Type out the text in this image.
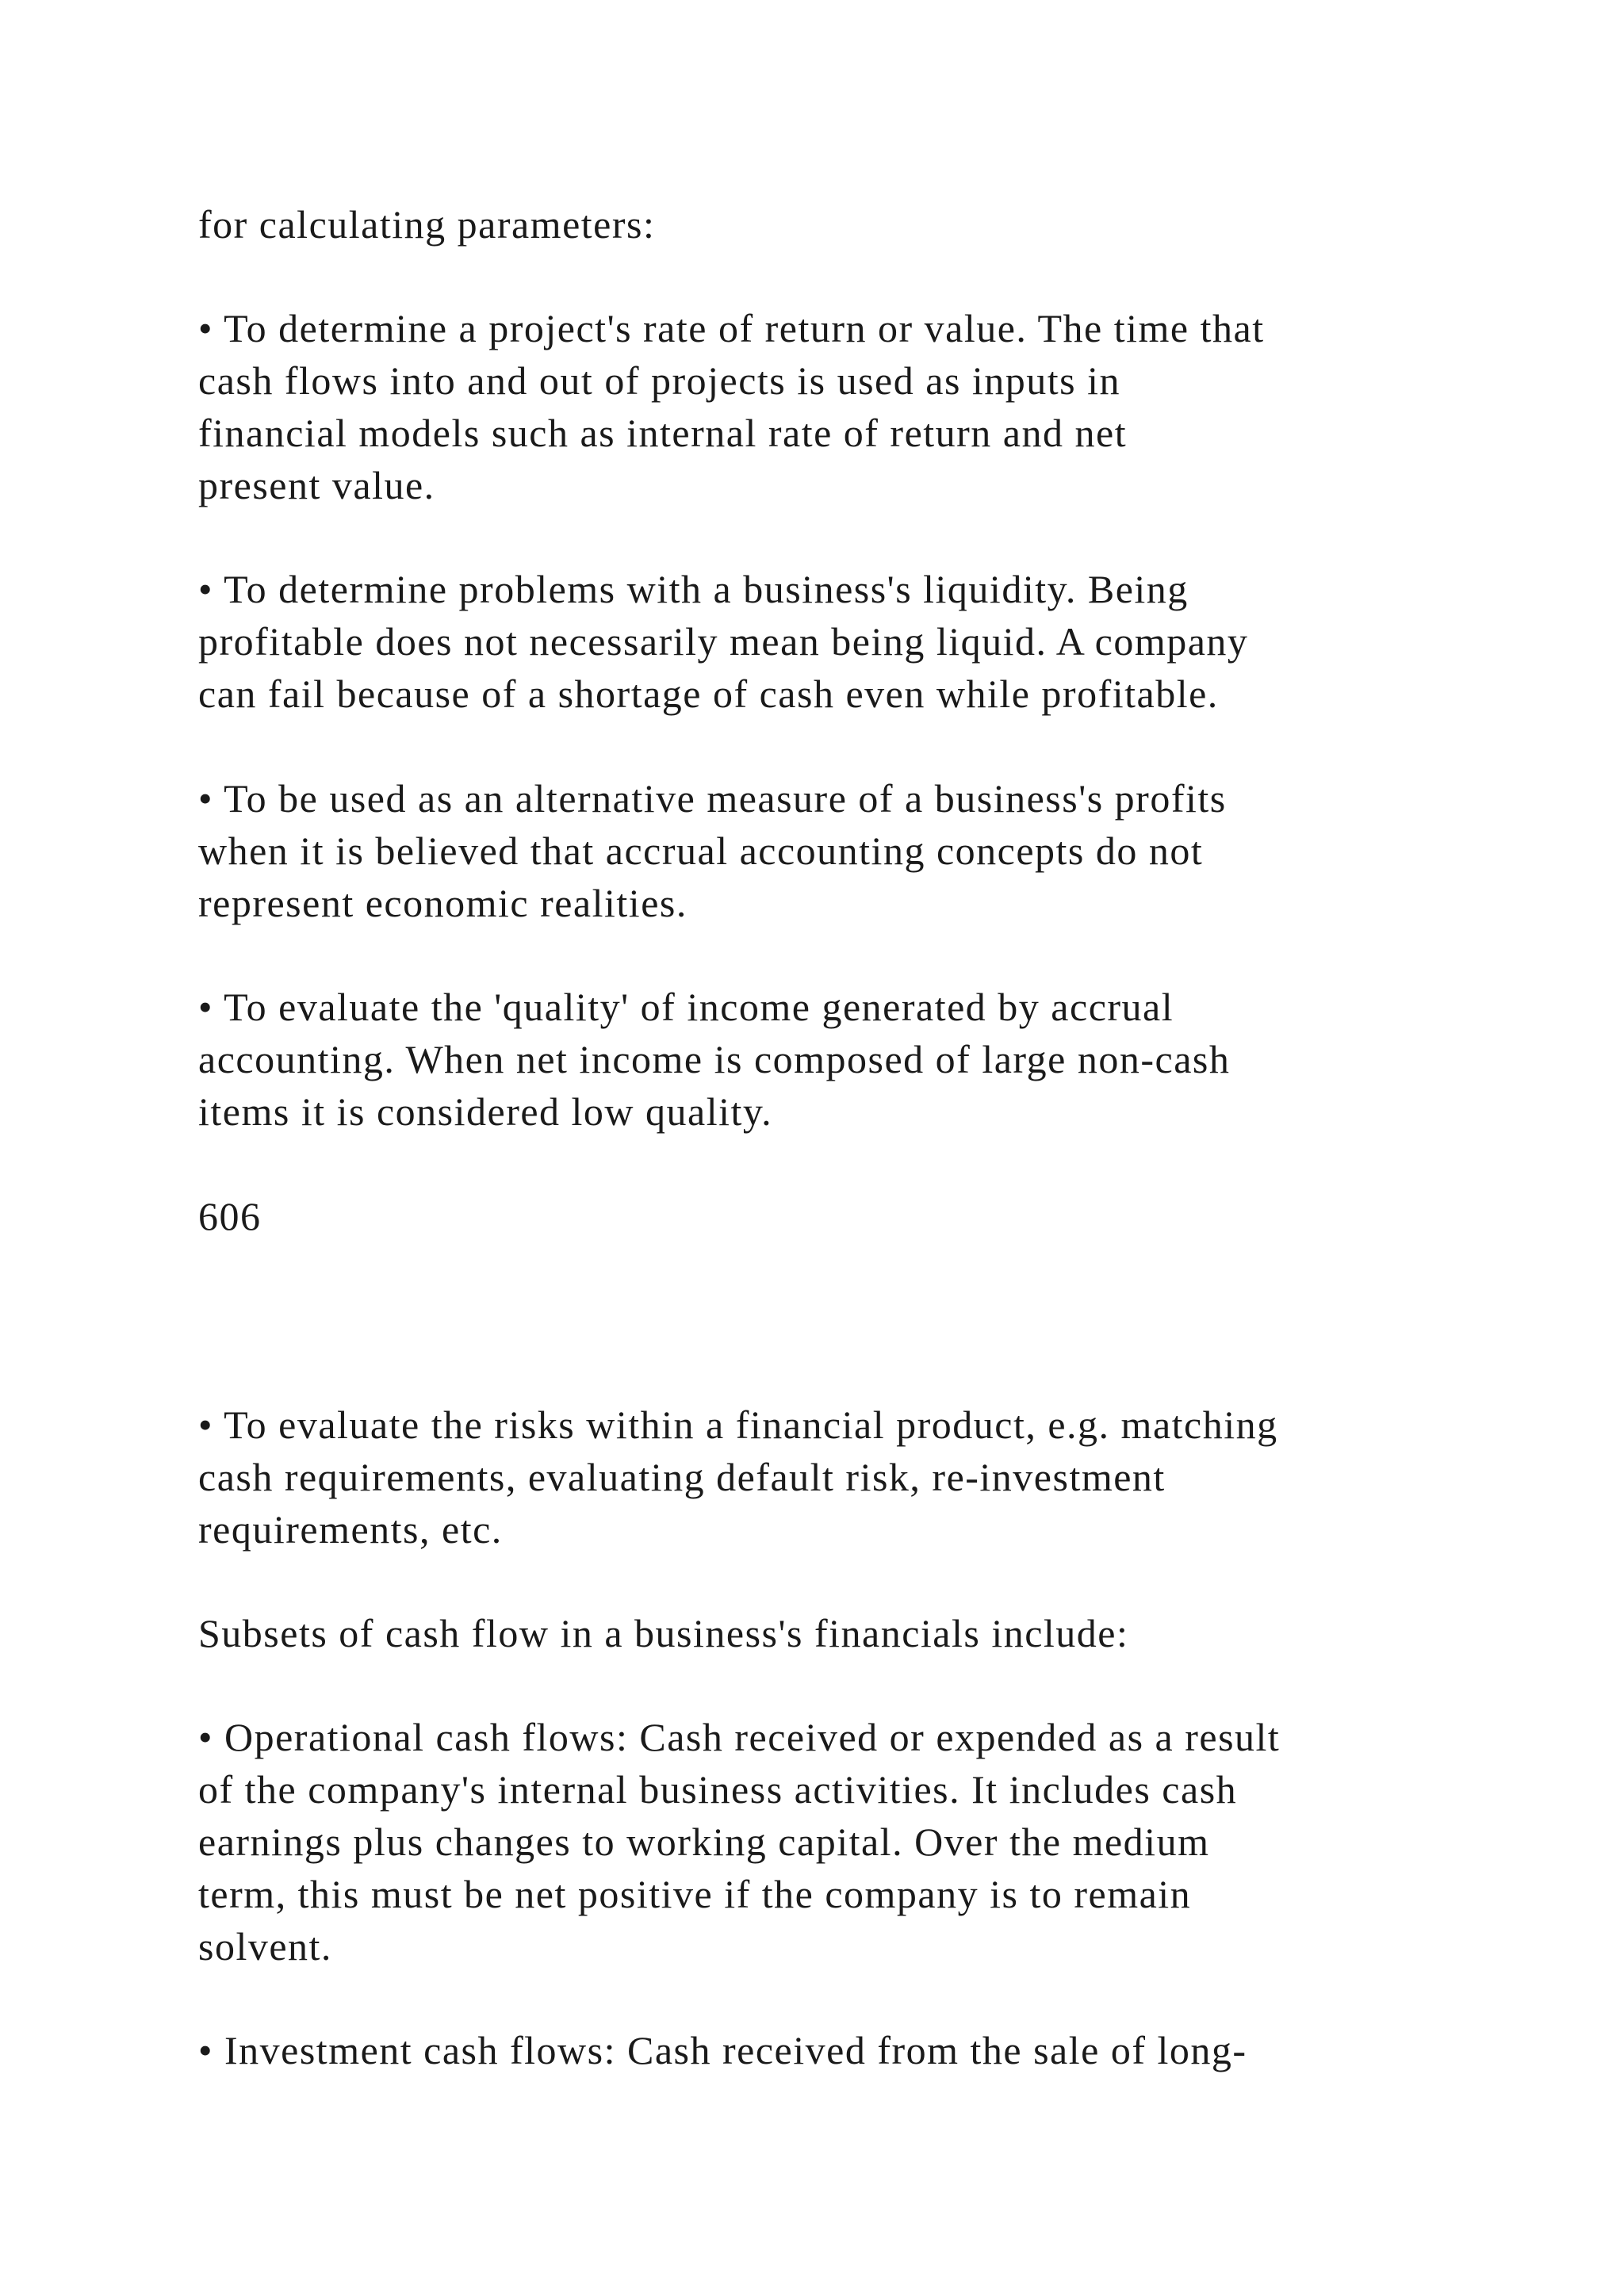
for calculating parameters:
• To determine a project's rate of return or value. The time that
cash flows into and out of projects is used as inputs in
financial models such as internal rate of return and net
present value.
• To determine problems with a business's liquidity. Being
profitable does not necessarily mean being liquid. A company
can fail because of a shortage of cash even while profitable.
• To be used as an alternative measure of a business's profits
when it is believed that accrual accounting concepts do not
represent economic realities.
• To evaluate the 'quality' of income generated by accrual
accounting. When net income is composed of large non-cash
items it is considered low quality.
606
• To evaluate the risks within a financial product, e.g. matching
cash requirements, evaluating default risk, re-investment
requirements, etc.
Subsets of cash flow in a business's financials include:
• Operational cash flows: Cash received or expended as a result
of the company's internal business activities. It includes cash
earnings plus changes to working capital. Over the medium
term, this must be net positive if the company is to remain
solvent.
• Investment cash flows: Cash received from the sale of long-
